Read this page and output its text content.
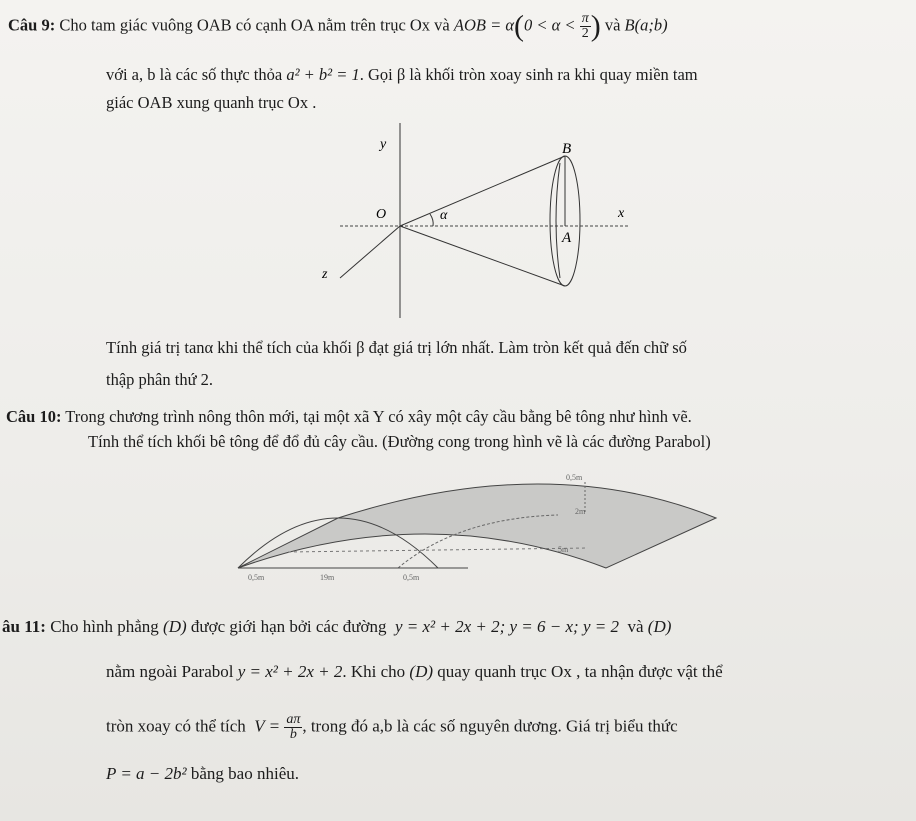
Câu 9: Cho tam giác vuông OAB có cạnh OA nằm trên trục Ox và AOB = $\alpha(0 < \alpha < \frac{\pi}{2}$ ) và B(a;b)
với a, b là các số thực thỏa a² + b² = 1. Gọi β là khối tròn xoay sinh ra khi quay miền tam
giác OAB xung quanh trục Ox .
y	B
O	α	x
A
z
Tính giá trị tanα khi thể tích của khối β đạt giá trị lớn nhất. Làm tròn kết quả đến chữ số
thập phân thứ 2.
Câu 10: Trong chương trình nông thôn mới, tại một xã Y có xây một cây cầu bằng bê tông như hình vẽ.
Tính thể tích khối bê tông để đổ đủ cây cầu. (Đường cong trong hình vẽ là các đường Parabol)
0,5m
2m
5m
0,5m	19m	0,5m
âu 11: Cho hình phẳng (D) được giới hạn bởi các đường y = x² + 2x + 2; y = 6 − x; y = 2 và (D)
nằm ngoài Parabol y = x² + 2x + 2. Khi cho (D) quay quanh trục Ox , ta nhận được vật thể
tròn xoay có thể tích $V = \frac{a\pi}{b}$ , trong đó a,b là các số nguyên dương. Giá trị biểu thức
P = a − 2b² bằng bao nhiêu.
